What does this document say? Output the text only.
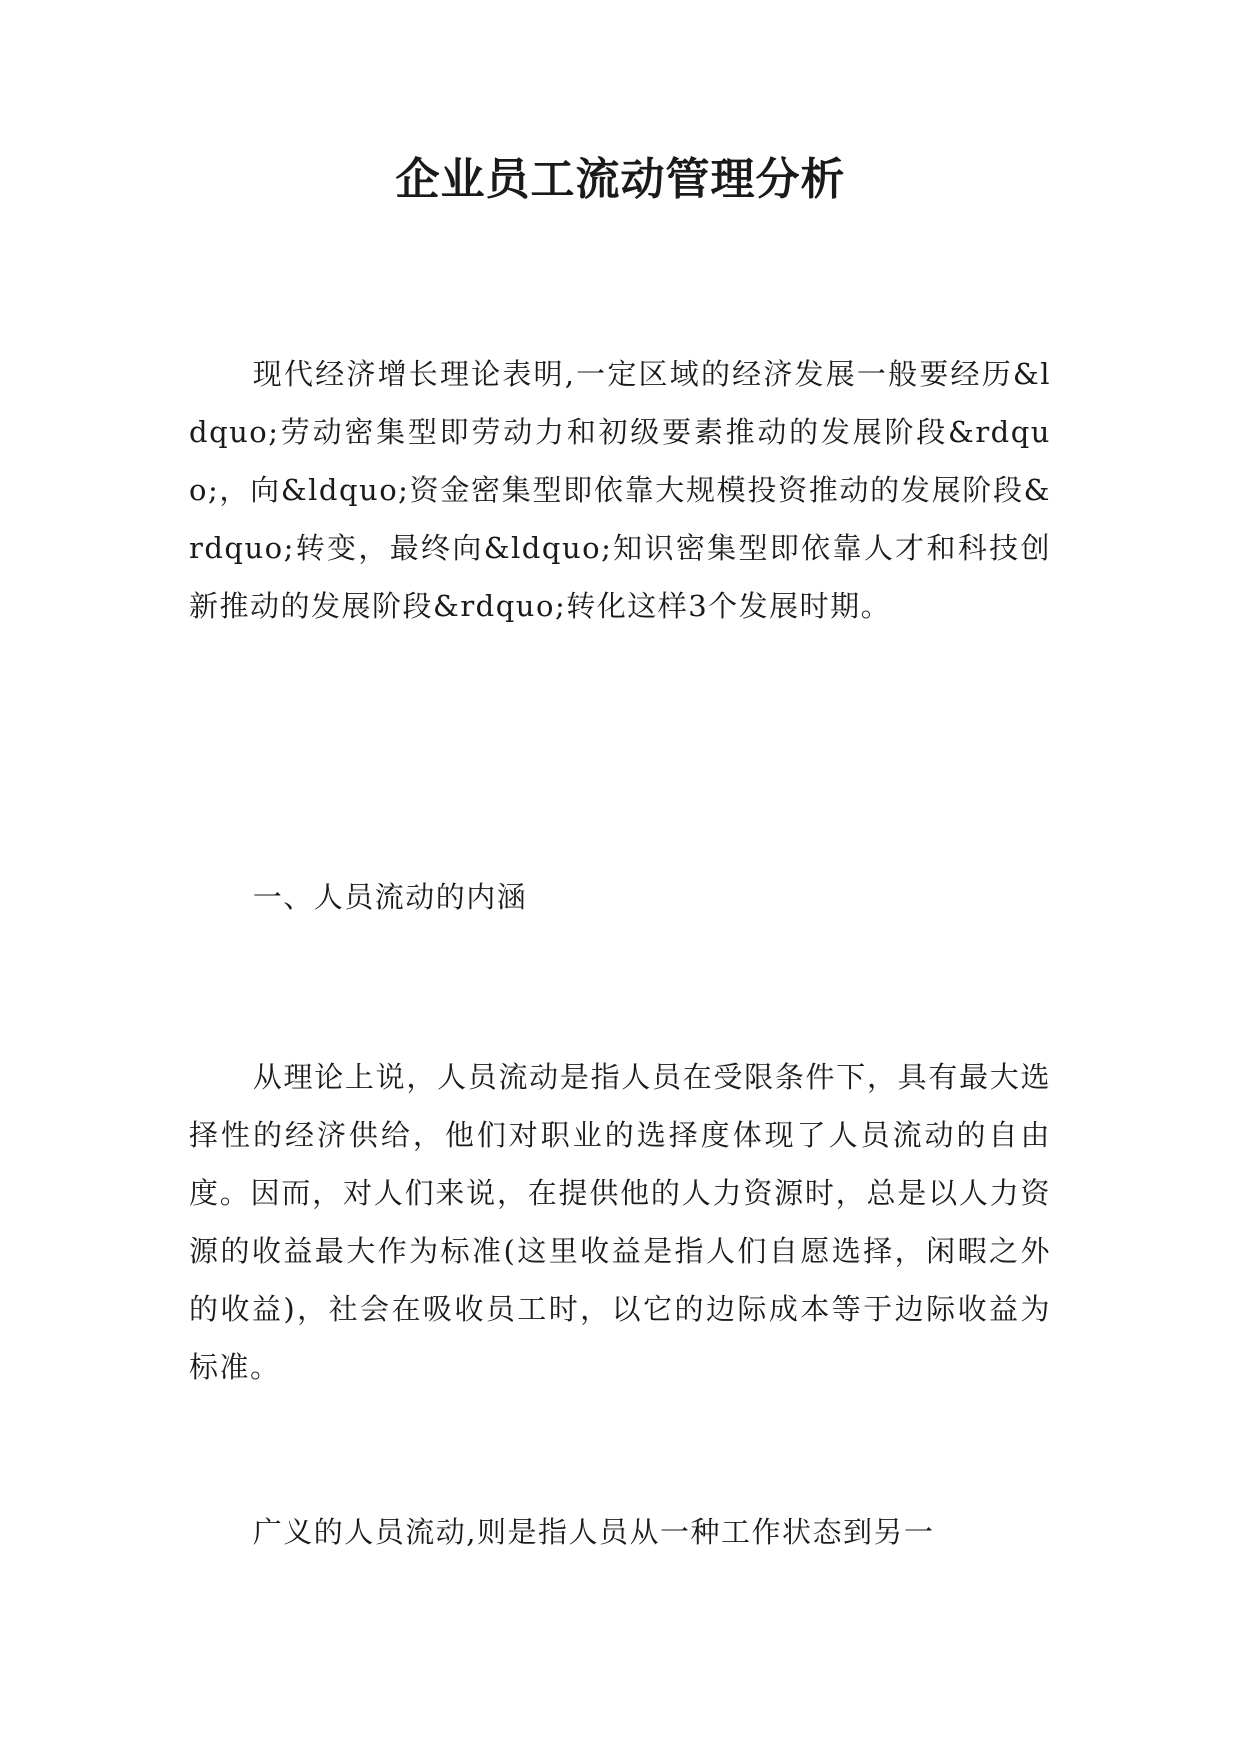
企业员工流动管理分析

现代经济增长理论表明,一定区域的经济发展一般要经历&ldquo;劳动密集型即劳动力和初级要素推动的发展阶段&rdquo;，向&ldquo;资金密集型即依靠大规模投资推动的发展阶段&rdquo;转变，最终向&ldquo;知识密集型即依靠人才和科技创新推动的发展阶段&rdquo;转化这样3个发展时期。

一、人员流动的内涵

从理论上说，人员流动是指人员在受限条件下，具有最大选择性的经济供给，他们对职业的选择度体现了人员流动的自由度。因而，对人们来说，在提供他的人力资源时，总是以人力资源的收益最大作为标准(这里收益是指人们自愿选择，闲暇之外的收益)，社会在吸收员工时，以它的边际成本等于边际收益为标准。

广义的人员流动,则是指人员从一种工作状态到另一
